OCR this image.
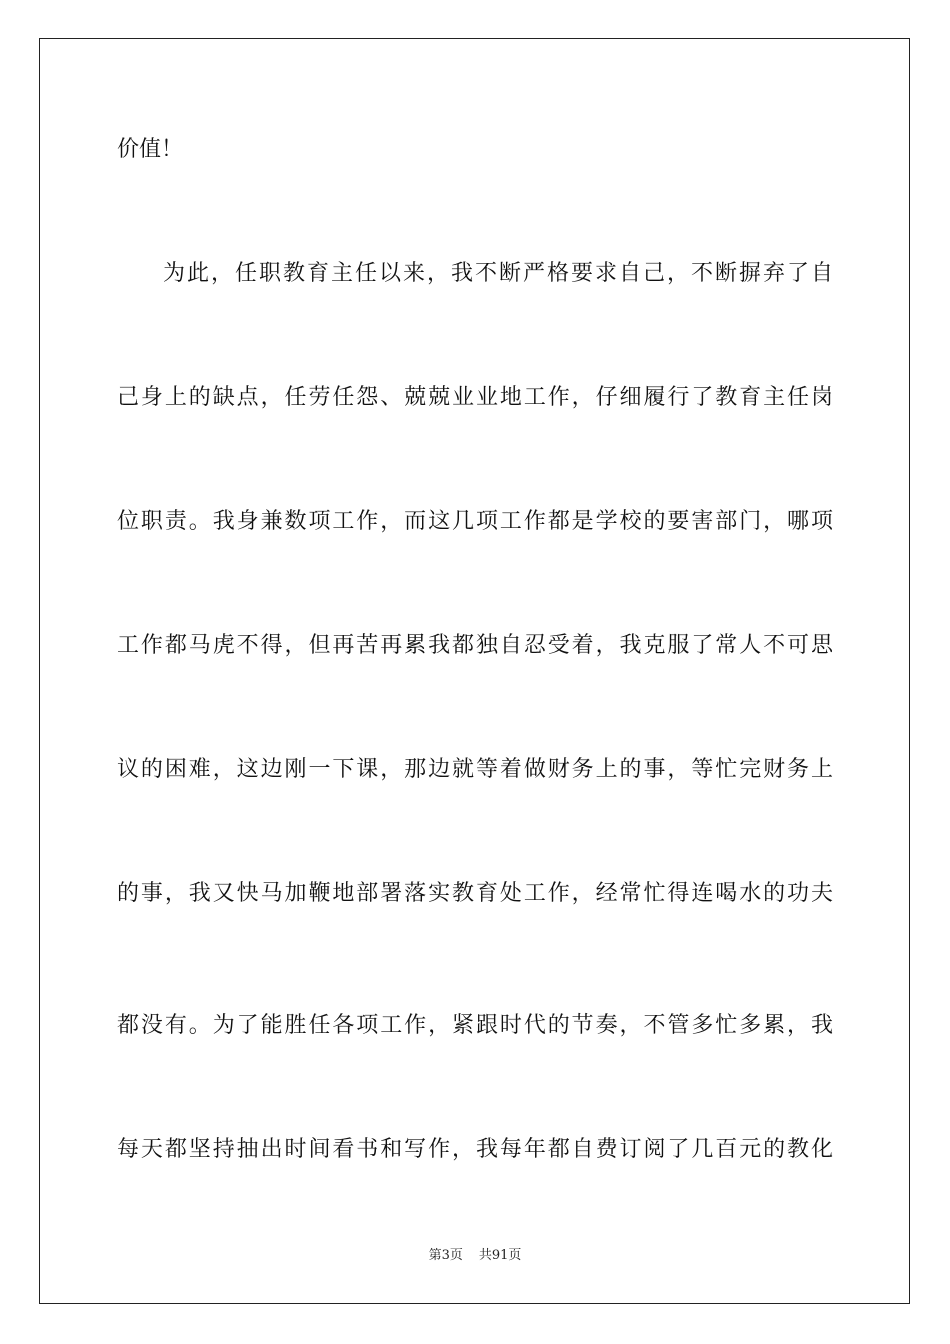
价值！
为此，任职教育主任以来，我不断严格要求自己，不断摒弃了自
己身上的缺点，任劳任怨、兢兢业业地工作，仔细履行了教育主任岗
位职责。我身兼数项工作，而这几项工作都是学校的要害部门，哪项
工作都马虎不得，但再苦再累我都独自忍受着，我克服了常人不可思
议的困难，这边刚一下课，那边就等着做财务上的事，等忙完财务上
的事，我又快马加鞭地部署落实教育处工作，经常忙得连喝水的功夫
都没有。为了能胜任各项工作，紧跟时代的节奏，不管多忙多累，我
每天都坚持抽出时间看书和写作，我每年都自费订阅了几百元的教化
第3页 共91页
